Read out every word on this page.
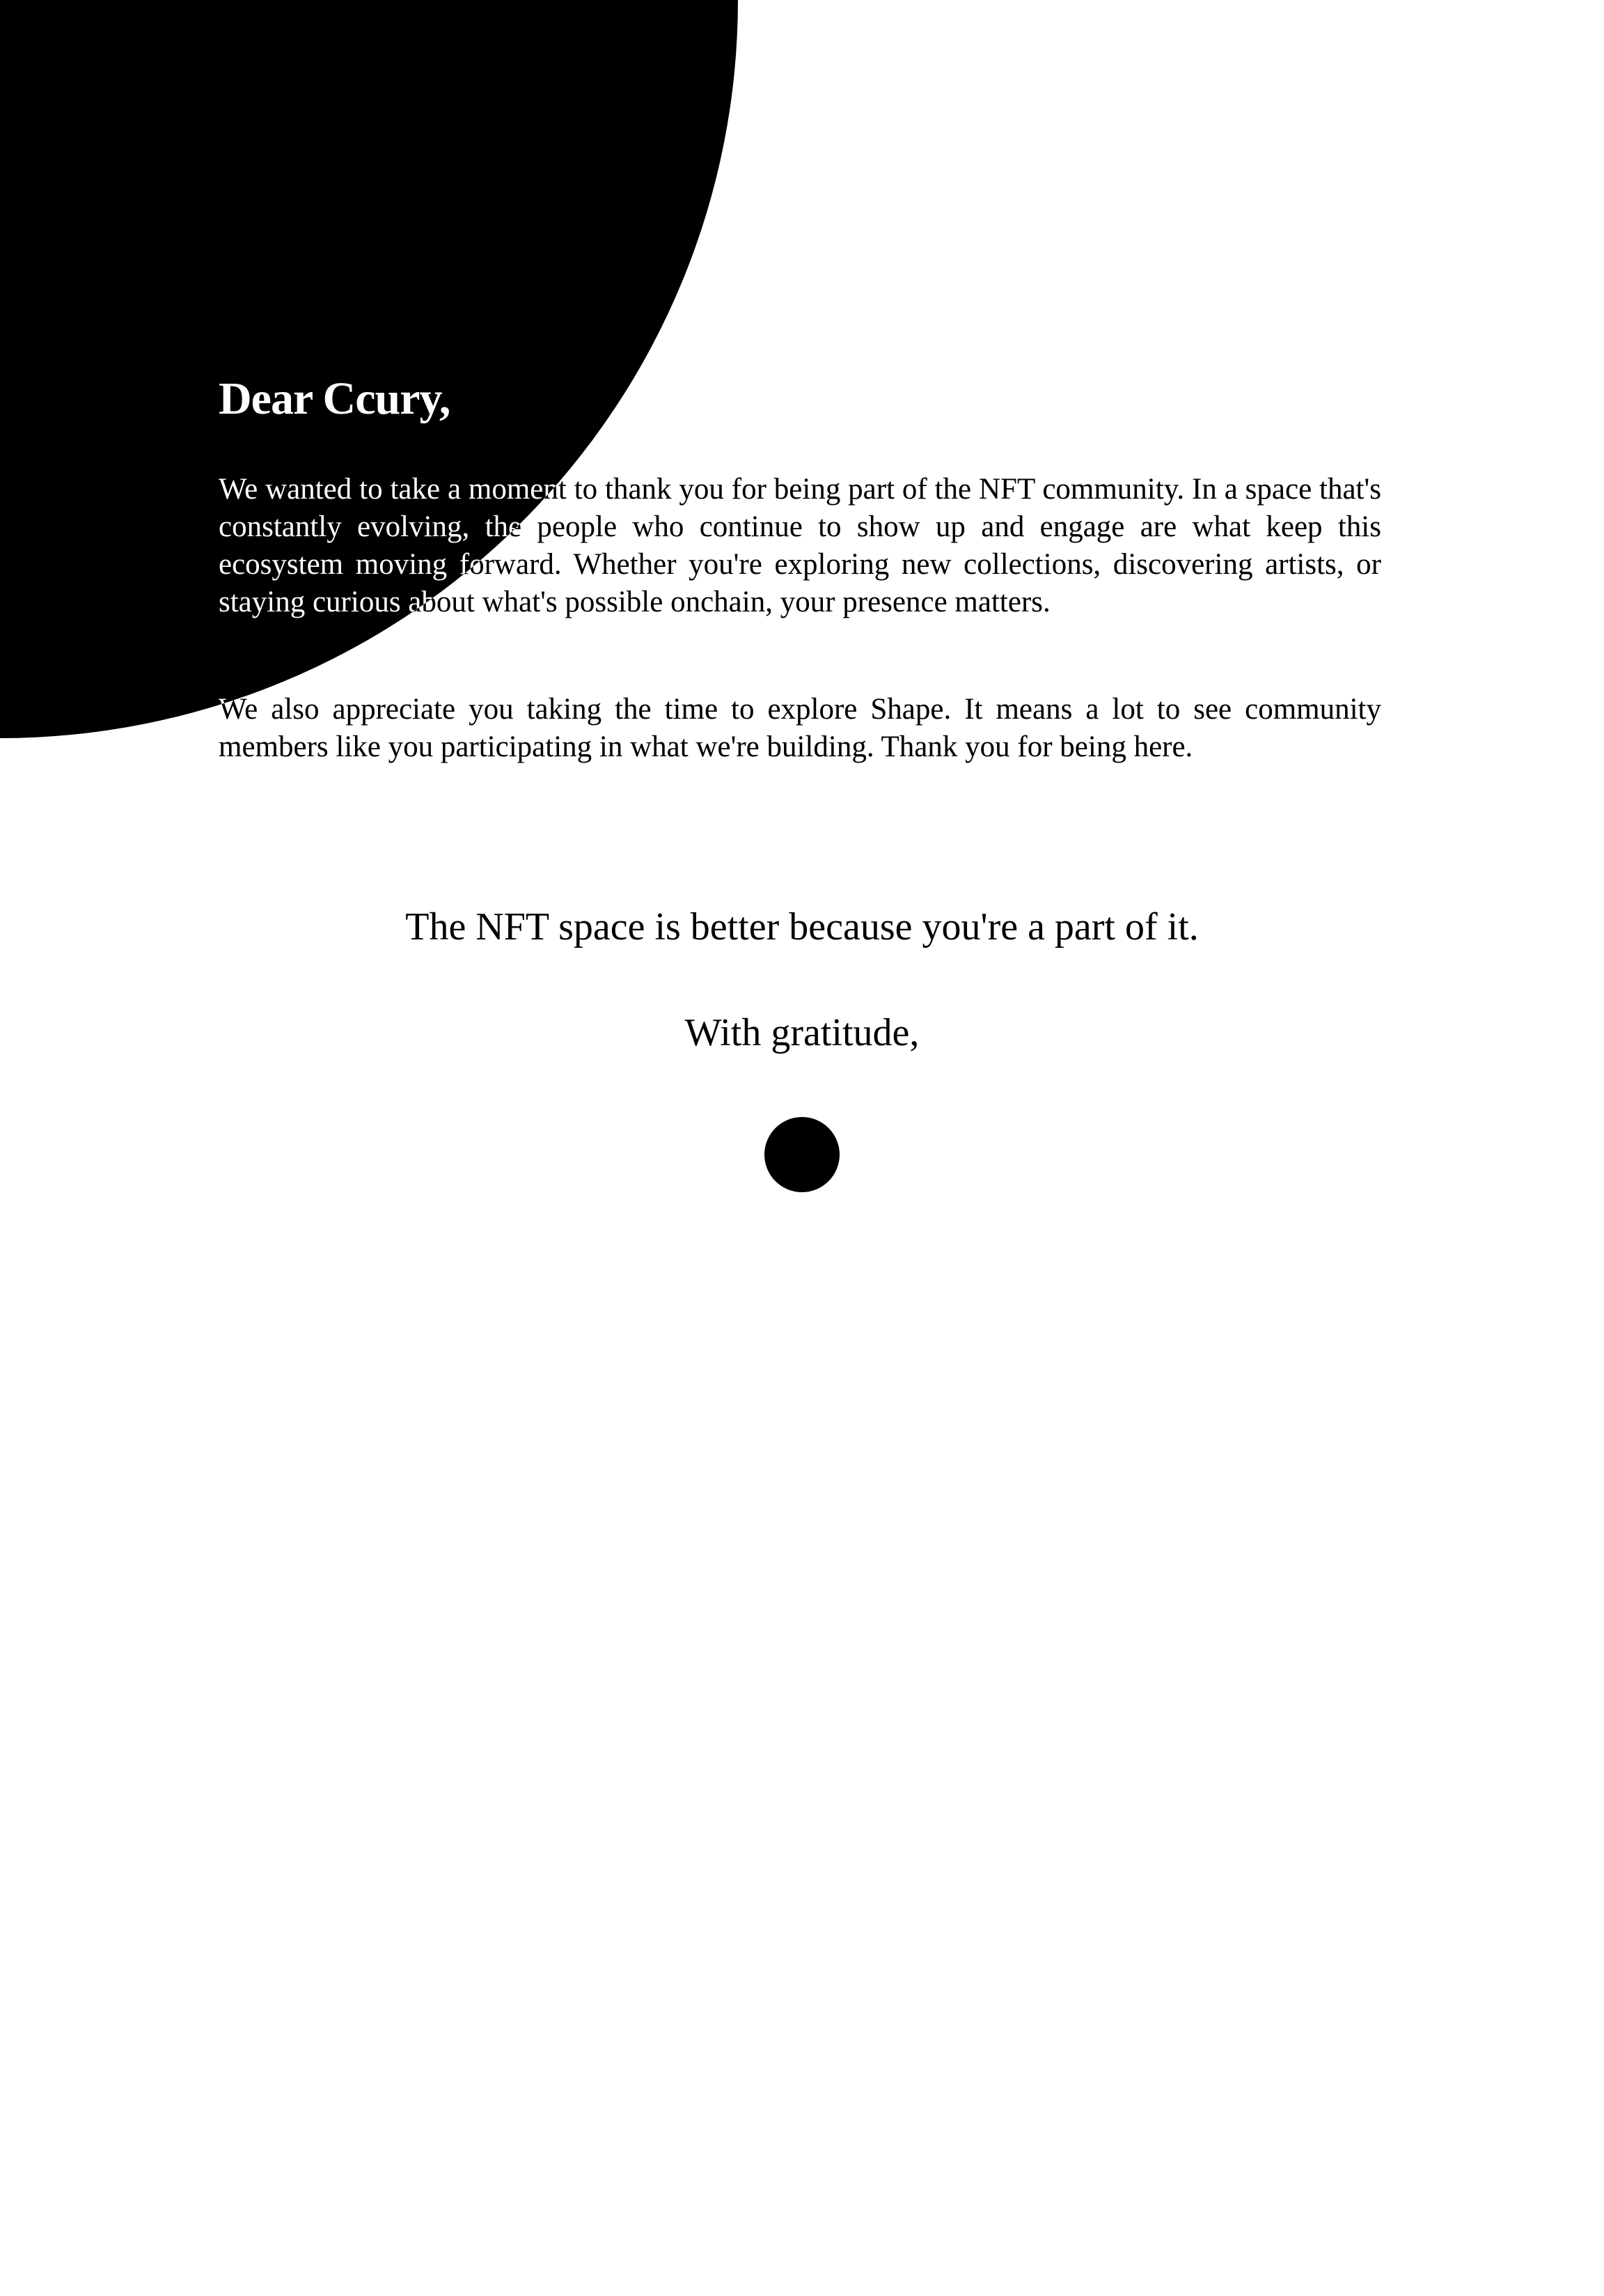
Dear Ccury,

We wanted to take a moment to thank you for being part of the NFT community. In a space that's constantly evolving, the people who continue to show up and engage are what keep this ecosystem moving forward. Whether you're exploring new collections, discovering artists, or staying curious about what's possible onchain, your presence matters.

We also appreciate you taking the time to explore Shape. It means a lot to see community members like you participating in what we're building. Thank you for being here.

The NFT space is better because you're a part of it.

With gratitude,
